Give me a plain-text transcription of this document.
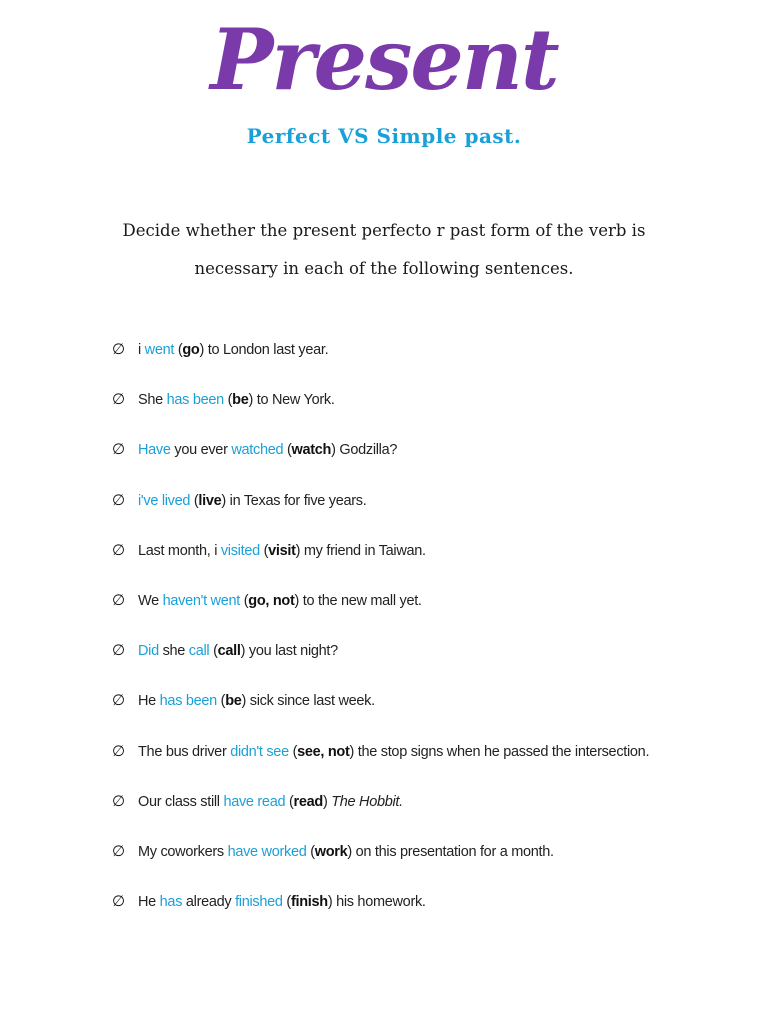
Present
Perfect VS Simple past.
Decide whether the present perfecto r past form of the verb is necessary in each of the following sentences.
∅ i went (go) to London last year.
∅ She has been (be) to New York.
∅ Have you ever watched (watch) Godzilla?
∅ i've lived (live) in Texas for five years.
∅ Last month, i visited (visit) my friend in Taiwan.
∅ We haven't went (go, not) to the new mall yet.
∅ Did she call (call) you last night?
∅ He has been (be) sick since last week.
∅ The bus driver didn't see (see, not) the stop signs when he passed the intersection.
∅ Our class still have read (read) The Hobbit.
∅ My coworkers have worked (work) on this presentation for a month.
∅ He has already finished (finish) his homework.
